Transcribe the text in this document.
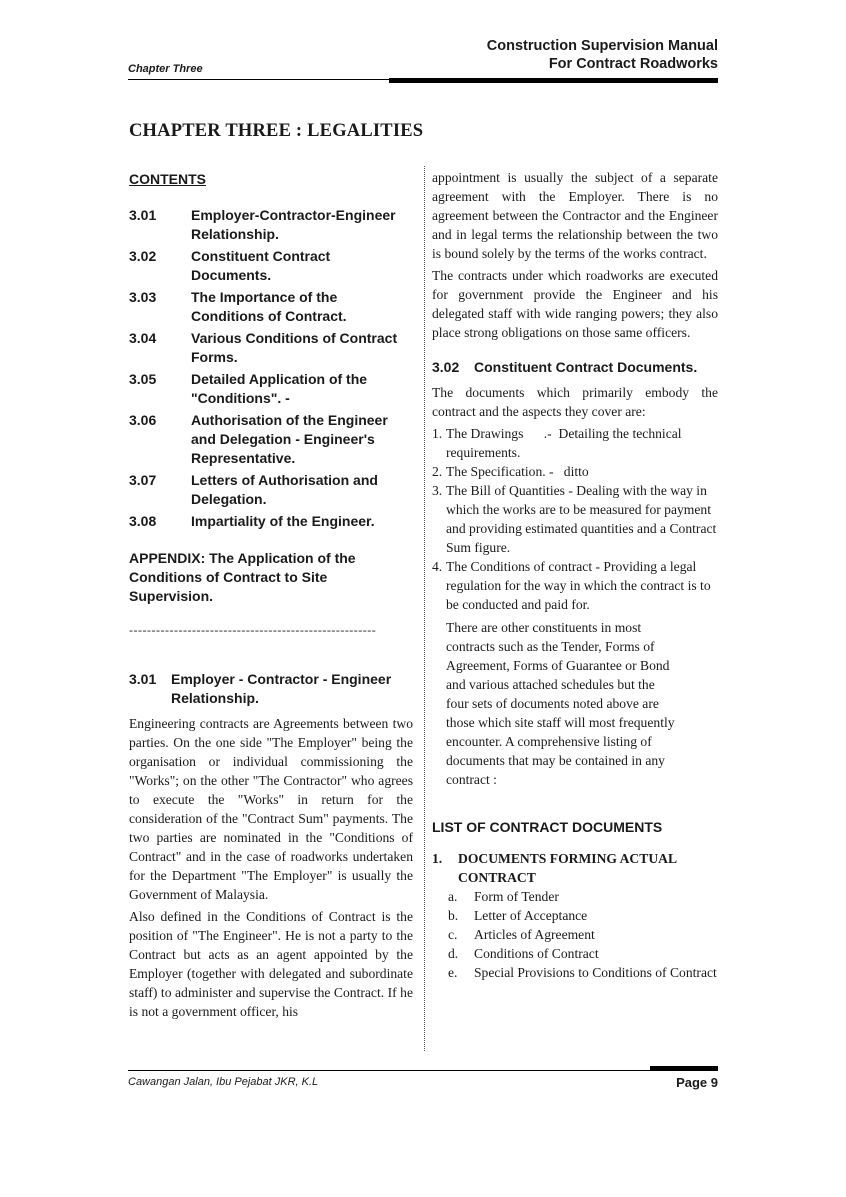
Chapter Three
Construction Supervision Manual
For Contract Roadworks
CHAPTER THREE : LEGALITIES
CONTENTS
3.01	Employer-Contractor-Engineer Relationship.
3.02	Constituent Contract Documents.
3.03	The Importance of the Conditions of Contract.
3.04	Various Conditions of Contract Forms.
3.05	Detailed Application of the "Conditions". -
3.06	Authorisation of the Engineer and Delegation - Engineer's Representative.
3.07	Letters of Authorisation and Delegation.
3.08	Impartiality of the Engineer.
APPENDIX: The Application of the Conditions of Contract to Site Supervision.
-------------------------------------------------------
3.01	Employer - Contractor - Engineer Relationship.

Engineering contracts are Agreements between two parties. On the one side "The Employer" being the organisation or individual commissioning the "Works"; on the other "The Contractor" who agrees to execute the "Works" in return for the consideration of the "Contract Sum" payments. The two parties are nominated in the "Conditions of Contract" and in the case of roadworks undertaken for the Department "The Employer" is usually the Government of Malaysia.

Also defined in the Conditions of Contract is the position of "The Engineer". He is not a party to the Contract but acts as an agent appointed by the Employer (together with delegated and subordinate staff) to administer and supervise the Contract. If he is not a government officer, his

appointment is usually the subject of a separate agreement with the Employer. There is no agreement between the Contractor and the Engineer and in legal terms the relationship between the two is bound solely by the terms of the works contract.

The contracts under which roadworks are executed for government provide the Engineer and his delegated staff with wide ranging powers; they also place strong obligations on those same officers.

3.02	Constituent Contract Documents.

The documents which primarily embody the contract and the aspects they cover are:

1. The Drawings      .-  Detailing the technical requirements.
2. The Specification. -   ditto
3. The Bill of Quantities - Dealing with the way in which the works are to be measured for payment and providing estimated quantities and a Contract Sum figure.
4. The Conditions of contract - Providing a legal regulation for the way in which the contract is to be conducted and paid for.

There are other constituents in most contracts such as the Tender, Forms of Agreement, Forms of Guarantee or Bond and various attached schedules but the four sets of documents noted above are those which site staff will most frequently encounter. A comprehensive listing of documents that may be contained in any contract :

LIST OF CONTRACT DOCUMENTS
1.	DOCUMENTS FORMING ACTUAL CONTRACT
a.	Form of Tender
b.	Letter of Acceptance
c.	Articles of Agreement
d.	Conditions of Contract
e.	Special Provisions to Conditions of Contract
Cawangan Jalan, Ibu Pejabat JKR, K.L	Page 9
